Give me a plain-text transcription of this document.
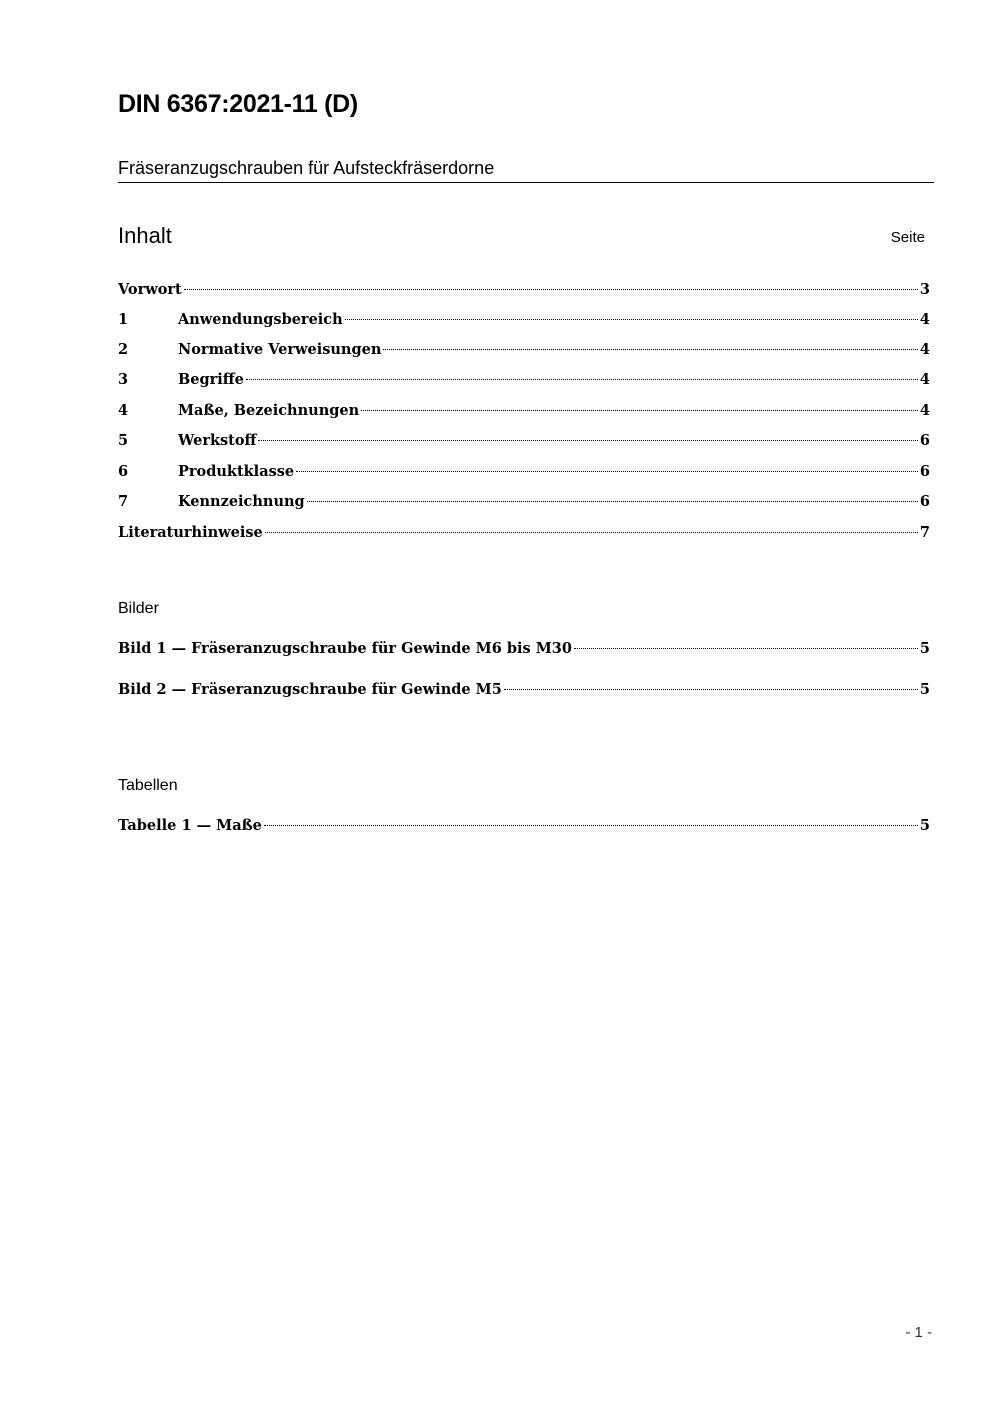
DIN 6367:2021-11 (D)
Fräseranzugschrauben für Aufsteckfräserdorne
Inhalt	Seite
Vorwort	3
1	Anwendungsbereich	4
2	Normative Verweisungen	4
3	Begriffe	4
4	Maße, Bezeichnungen	4
5	Werkstoff	6
6	Produktklasse	6
7	Kennzeichnung	6
Literaturhinweise	7
Bilder
Bild 1 — Fräseranzugschraube für Gewinde M6 bis M30	5
Bild 2 — Fräseranzugschraube für Gewinde M5	5
Tabellen
Tabelle 1 — Maße	5
- 1 -
